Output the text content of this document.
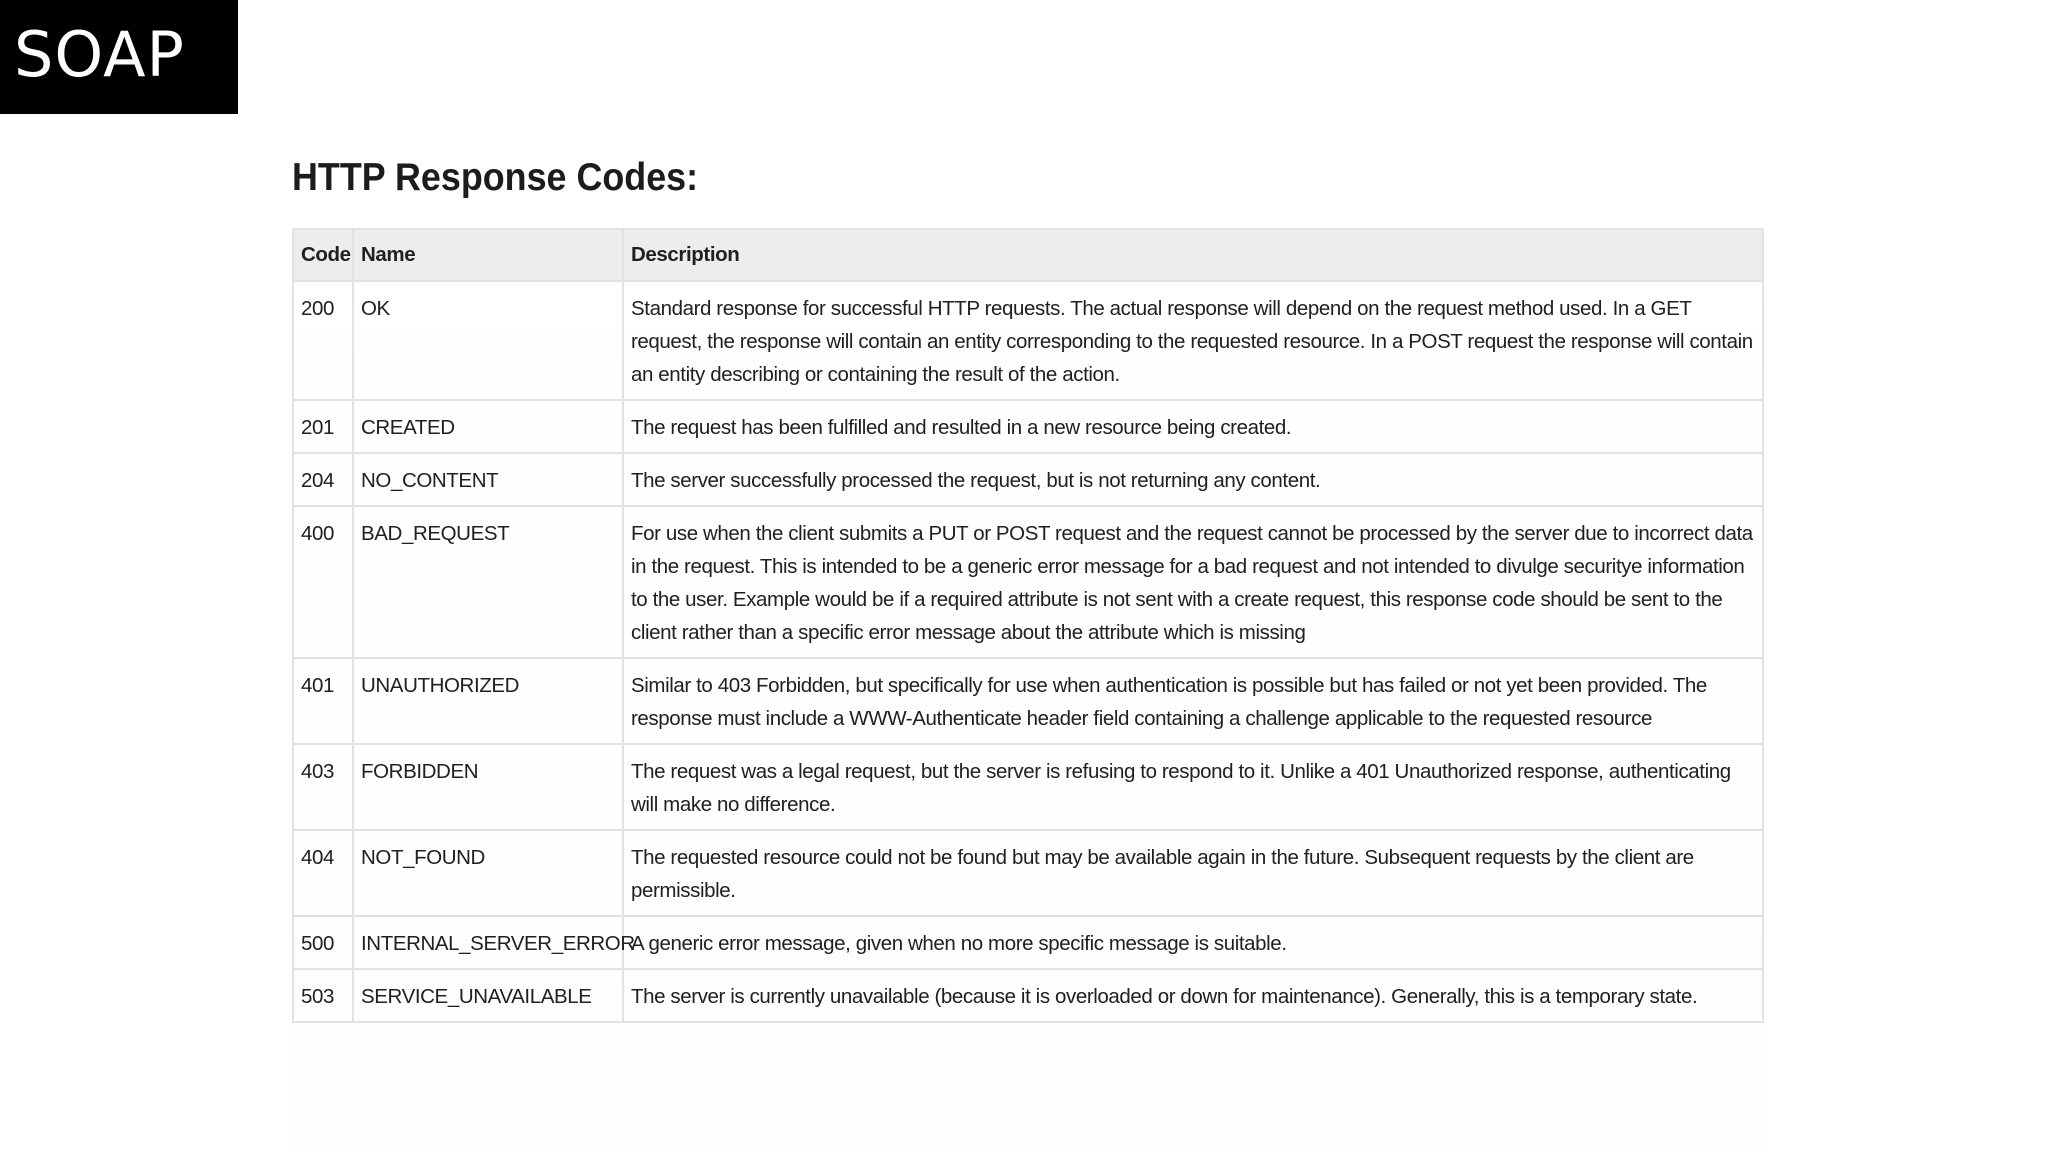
SOAP
HTTP Response Codes:
Code	Name	Description
200	OK	Standard response for successful HTTP requests. The actual response will depend on the request method used. In a GET request, the response will contain an entity corresponding to the requested resource. In a POST request the response will contain an entity describing or containing the result of the action.
201	CREATED	The request has been fulfilled and resulted in a new resource being created.
204	NO_CONTENT	The server successfully processed the request, but is not returning any content.
400	BAD_REQUEST	For use when the client submits a PUT or POST request and the request cannot be processed by the server due to incorrect data in the request. This is intended to be a generic error message for a bad request and not intended to divulge securitye information to the user. Example would be if a required attribute is not sent with a create request, this response code should be sent to the client rather than a specific error message about the attribute which is missing
401	UNAUTHORIZED	Similar to 403 Forbidden, but specifically for use when authentication is possible but has failed or not yet been provided. The response must include a WWW-Authenticate header field containing a challenge applicable to the requested resource
403	FORBIDDEN	The request was a legal request, but the server is refusing to respond to it. Unlike a 401 Unauthorized response, authenticating will make no difference.
404	NOT_FOUND	The requested resource could not be found but may be available again in the future. Subsequent requests by the client are permissible.
500	INTERNAL_SERVER_ERROR	A generic error message, given when no more specific message is suitable.
503	SERVICE_UNAVAILABLE	The server is currently unavailable (because it is overloaded or down for maintenance). Generally, this is a temporary state.
